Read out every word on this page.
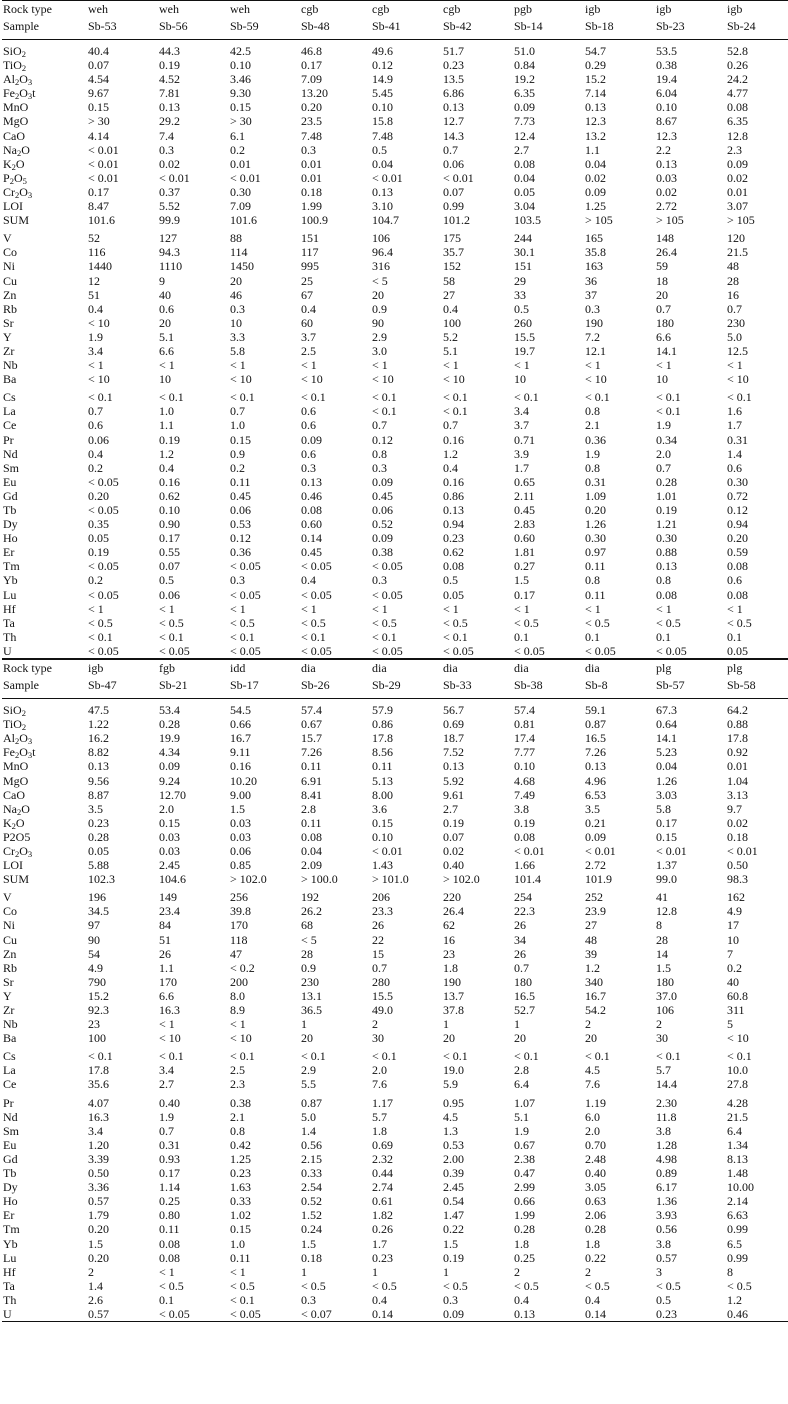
Rock type	weh	weh	weh	cgb	cgb	cgb	pgb	igb	igb	igb
Sample	Sb-53	Sb-56	Sb-59	Sb-48	Sb-41	Sb-42	Sb-14	Sb-18	Sb-23	Sb-24
SiO$_2$	40.4	44.3	42.5	46.8	49.6	51.7	51.0	54.7	53.5	52.8
TiO$_2$	0.07	0.19	0.10	0.17	0.12	0.23	0.84	0.29	0.38	0.26
$Al_2O_3$	4.54	4.52	3.46	7.09	14.9	13.5	19.2	15.2	19.4	24.2
$Fe_2O_3t$	9.67	7.81	9.30	13.20	5.45	6.86	6.35	7.14	6.04	4.77
MnO	0.15	0.13	0.15	0.20	0.10	0.13	0.09	0.13	0.10	0.08
MgO	> 30	29.2	> 30	23.5	15.8	12.7	7.73	12.3	8.67	6.35
CaO	4.14	7.4	6.1	7.48	7.48	14.3	12.4	13.2	12.3	12.8
$Na_2O$	< 0.01	0.3	0.2	0.3	0.5	0.7	2.7	1.1	2.2	2.3
$K_2O$	< 0.01	0.02	0.01	0.01	0.04	0.06	0.08	0.04	0.13	0.09
$P_2O_5$	< 0.01	< 0.01	< 0.01	0.01	< 0.01	< 0.01	0.04	0.02	0.03	0.02
$Cr_2O_3$	0.17	0.37	0.30	0.18	0.13	0.07	0.05	0.09	0.02	0.01
LOI	8.47	5.52	7.09	1.99	3.10	0.99	3.04	1.25	2.72	3.07
SUM	101.6	99.9	101.6	100.9	104.7	101.2	103.5	> 105	> 105	> 105
V	52	127	88	151	106	175	244	165	148	120
Co	116	94.3	114	117	96.4	35.7	30.1	35.8	26.4	21.5
Ni	1440	1110	1450	995	316	152	151	163	59	48
Cu	12	9	20	25	< 5	58	29	36	18	28
Zn	51	40	46	67	20	27	33	37	20	16
Rb	0.4	0.6	0.3	0.4	0.9	0.4	0.5	0.3	0.7	0.7
Sr	< 10	20	10	60	90	100	260	190	180	230
Y	1.9	5.1	3.3	3.7	2.9	5.2	15.5	7.2	6.6	5.0
Zr	3.4	6.6	5.8	2.5	3.0	5.1	19.7	12.1	14.1	12.5
Nb	< 1	< 1	< 1	< 1	< 1	< 1	< 1	< 1	< 1	< 1
Ba	< 10	10	< 10	< 10	< 10	< 10	10	< 10	10	< 10
Cs	< 0.1	< 0.1	< 0.1	< 0.1	< 0.1	< 0.1	< 0.1	< 0.1	< 0.1	< 0.1
La	0.7	1.0	0.7	0.6	< 0.1	< 0.1	3.4	0.8	< 0.1	1.6
Ce	0.6	1.1	1.0	0.6	0.7	0.7	3.7	2.1	1.9	1.7
Pr	0.06	0.19	0.15	0.09	0.12	0.16	0.71	0.36	0.34	0.31
Nd	0.4	1.2	0.9	0.6	0.8	1.2	3.9	1.9	2.0	1.4
Sm	0.2	0.4	0.2	0.3	0.3	0.4	1.7	0.8	0.7	0.6
Eu	< 0.05	0.16	0.11	0.13	0.09	0.16	0.65	0.31	0.28	0.30
Gd	0.20	0.62	0.45	0.46	0.45	0.86	2.11	1.09	1.01	0.72
Tb	< 0.05	0.10	0.06	0.08	0.06	0.13	0.45	0.20	0.19	0.12
Dy	0.35	0.90	0.53	0.60	0.52	0.94	2.83	1.26	1.21	0.94
Ho	0.05	0.17	0.12	0.14	0.09	0.23	0.60	0.30	0.30	0.20
Er	0.19	0.55	0.36	0.45	0.38	0.62	1.81	0.97	0.88	0.59
Tm	< 0.05	0.07	< 0.05	< 0.05	< 0.05	0.08	0.27	0.11	0.13	0.08
Yb	0.2	0.5	0.3	0.4	0.3	0.5	1.5	0.8	0.8	0.6
Lu	< 0.05	0.06	< 0.05	< 0.05	< 0.05	0.05	0.17	0.11	0.08	0.08
Hf	< 1	< 1	< 1	< 1	< 1	< 1	< 1	< 1	< 1	< 1
Ta	< 0.5	< 0.5	< 0.5	< 0.5	< 0.5	< 0.5	< 0.5	< 0.5	< 0.5	< 0.5
Th	< 0.1	< 0.1	< 0.1	< 0.1	< 0.1	< 0.1	0.1	0.1	0.1	0.1
U	< 0.05	< 0.05	< 0.05	< 0.05	< 0.05	< 0.05	< 0.05	< 0.05	< 0.05	0.05
Rock type	igb	fgb	idd	dia	dia	dia	dia	dia	plg	plg
Sample	Sb-47	Sb-21	Sb-17	Sb-26	Sb-29	Sb-33	Sb-38	Sb-8	Sb-57	Sb-58
SiO$_2$	47.5	53.4	54.5	57.4	57.9	56.7	57.4	59.1	67.3	64.2
TiO$_2$	1.22	0.28	0.66	0.67	0.86	0.69	0.81	0.87	0.64	0.88
$Al_2O_3$	16.2	19.9	16.7	15.7	17.8	18.7	17.4	16.5	14.1	17.8
$Fe_2O_3t$	8.82	4.34	9.11	7.26	8.56	7.52	7.77	7.26	5.23	0.92
MnO	0.13	0.09	0.16	0.11	0.11	0.13	0.10	0.13	0.04	0.01
MgO	9.56	9.24	10.20	6.91	5.13	5.92	4.68	4.96	1.26	1.04
CaO	8.87	12.70	9.00	8.41	8.00	9.61	7.49	6.53	3.03	3.13
$Na_2O$	3.5	2.0	1.5	2.8	3.6	2.7	3.8	3.5	5.8	9.7
$K_2O$	0.23	0.15	0.03	0.11	0.15	0.19	0.19	0.21	0.17	0.02
P2O5	0.28	0.03	0.03	0.08	0.10	0.07	0.08	0.09	0.15	0.18
$Cr_2O_3$	0.05	0.03	0.06	0.04	< 0.01	0.02	< 0.01	< 0.01	< 0.01	< 0.01
LOI	5.88	2.45	0.85	2.09	1.43	0.40	1.66	2.72	1.37	0.50
SUM	102.3	104.6	> 102.0	> 100.0	> 101.0	> 102.0	101.4	101.9	99.0	98.3
V	196	149	256	192	206	220	254	252	41	162
Co	34.5	23.4	39.8	26.2	23.3	26.4	22.3	23.9	12.8	4.9
Ni	97	84	170	68	26	62	26	27	8	17
Cu	90	51	118	< 5	22	16	34	48	28	10
Zn	54	26	47	28	15	23	26	39	14	7
Rb	4.9	1.1	< 0.2	0.9	0.7	1.8	0.7	1.2	1.5	0.2
Sr	790	170	200	230	280	190	180	340	180	40
Y	15.2	6.6	8.0	13.1	15.5	13.7	16.5	16.7	37.0	60.8
Zr	92.3	16.3	8.9	36.5	49.0	37.8	52.7	54.2	106	311
Nb	23	< 1	< 1	1	2	1	1	2	2	5
Ba	100	< 10	< 10	20	30	20	20	20	30	< 10
Cs	< 0.1	< 0.1	< 0.1	< 0.1	< 0.1	< 0.1	< 0.1	< 0.1	< 0.1	< 0.1
La	17.8	3.4	2.5	2.9	2.0	19.0	2.8	4.5	5.7	10.0
Ce	35.6	2.7	2.3	5.5	7.6	5.9	6.4	7.6	14.4	27.8
Pr	4.07	0.40	0.38	0.87	1.17	0.95	1.07	1.19	2.30	4.28
Nd	16.3	1.9	2.1	5.0	5.7	4.5	5.1	6.0	11.8	21.5
Sm	3.4	0.7	0.8	1.4	1.8	1.3	1.9	2.0	3.8	6.4
Eu	1.20	0.31	0.42	0.56	0.69	0.53	0.67	0.70	1.28	1.34
Gd	3.39	0.93	1.25	2.15	2.32	2.00	2.38	2.48	4.98	8.13
Tb	0.50	0.17	0.23	0.33	0.44	0.39	0.47	0.40	0.89	1.48
Dy	3.36	1.14	1.63	2.54	2.74	2.45	2.99	3.05	6.17	10.00
Ho	0.57	0.25	0.33	0.52	0.61	0.54	0.66	0.63	1.36	2.14
Er	1.79	0.80	1.02	1.52	1.82	1.47	1.99	2.06	3.93	6.63
Tm	0.20	0.11	0.15	0.24	0.26	0.22	0.28	0.28	0.56	0.99
Yb	1.5	0.08	1.0	1.5	1.7	1.5	1.8	1.8	3.8	6.5
Lu	0.20	0.08	0.11	0.18	0.23	0.19	0.25	0.22	0.57	0.99
Hf	2	< 1	< 1	1	1	1	2	2	3	8
Ta	1.4	< 0.5	< 0.5	< 0.5	< 0.5	< 0.5	< 0.5	< 0.5	< 0.5	< 0.5
Th	2.6	0.1	< 0.1	0.3	0.4	0.3	0.4	0.4	0.5	1.2
U	0.57	< 0.05	< 0.05	< 0.07	0.14	0.09	0.13	0.14	0.23	0.46
